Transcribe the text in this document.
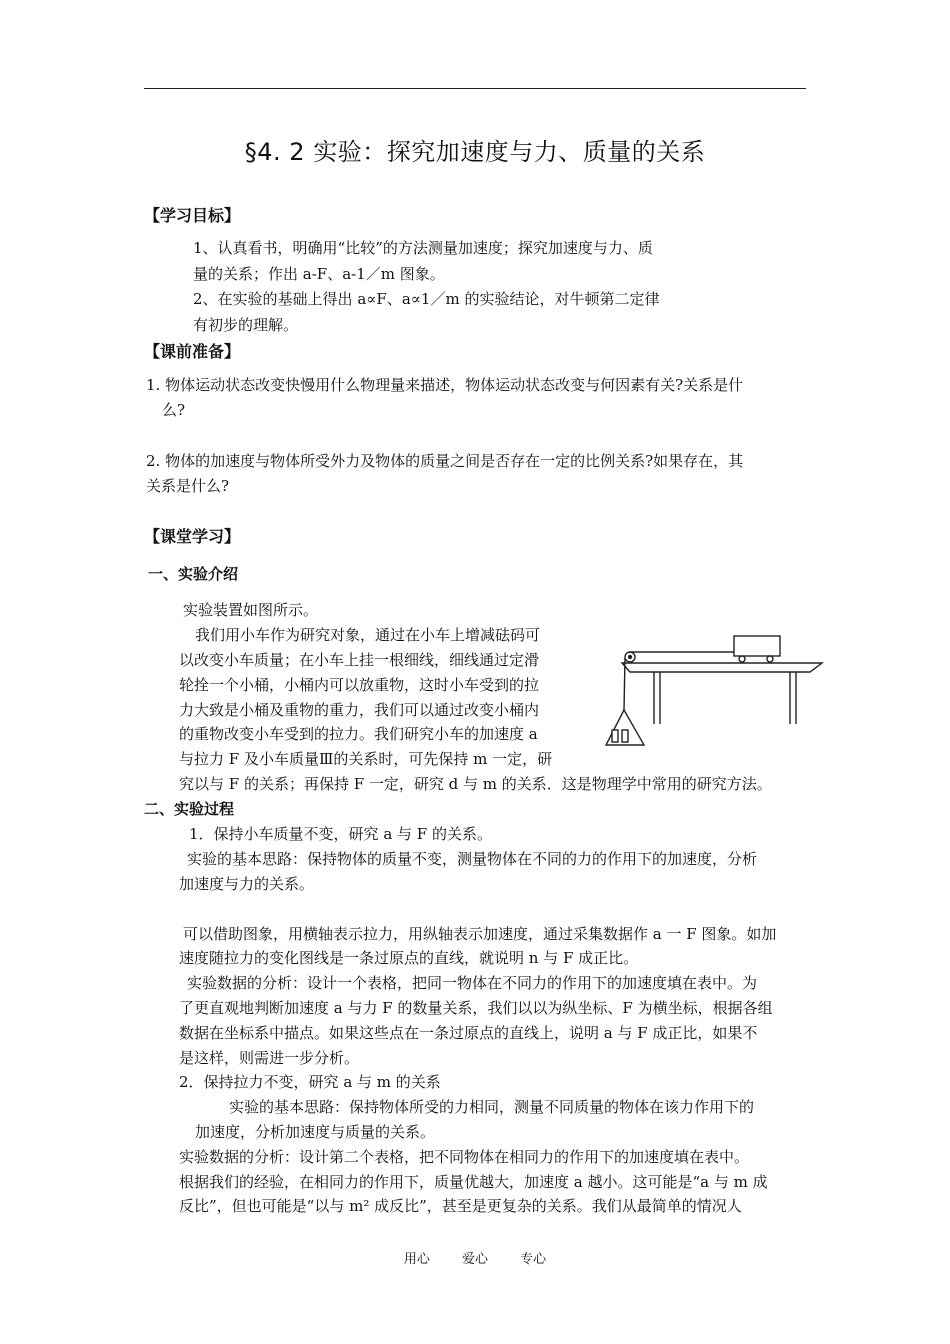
§4. 2 实验：探究加速度与力、质量的关系
【学习目标】
1、认真看书，明确用“比较”的方法测量加速度；探究加速度与力、质
量的关系；作出 a-F、a-1／m 图象。
2、在实验的基础上得出 a∝F、a∝1／m 的实验结论，对牛顿第二定律
有初步的理解。
【课前准备】
1. 物体运动状态改变快慢用什么物理量来描述，物体运动状态改变与何因素有关?关系是什
么?
2. 物体的加速度与物体所受外力及物体的质量之间是否存在一定的比例关系?如果存在，其
关系是什么?
【课堂学习】
一、实验介绍
实验装置如图所示。
我们用小车作为研究对象，通过在小车上增减砝码可
以改变小车质量；在小车上挂一根细线，细线通过定滑
轮拴一个小桶，小桶内可以放重物，这时小车受到的拉
力大致是小桶及重物的重力，我们可以通过改变小桶内
的重物改变小车受到的拉力。我们研究小车的加速度 a
与拉力 F 及小车质量Ⅲ的关系时，可先保持 m 一定，研
究以与 F 的关系；再保持 F 一定，研究 d 与 m 的关系．这是物理学中常用的研究方法。
二、实验过程
1．保持小车质量不变，研究 a 与 F 的关系。
实验的基本思路：保持物体的质量不变，测量物体在不同的力的作用下的加速度，分析
加速度与力的关系。
可以借助图象，用横轴表示拉力，用纵轴表示加速度，通过采集数据作 a 一 F 图象。如加
速度随拉力的变化图线是一条过原点的直线，就说明 n 与 F 成正比。
实验数据的分析：设计一个表格，把同一物体在不同力的作用下的加速度填在表中。为
了更直观地判断加速度 a 与力 F 的数量关系，我们以以为纵坐标、F 为横坐标，根据各组
数据在坐标系中描点。如果这些点在一条过原点的直线上，说明 a 与 F 成正比，如果不
是这样，则需进一步分析。
2．保持拉力不变，研究 a 与 m 的关系
实验的基本思路：保持物体所受的力相同，测量不同质量的物体在该力作用下的
加速度，分析加速度与质量的关系。
实验数据的分析：设计第二个表格，把不同物体在相同力的作用下的加速度填在表中。
根据我们的经验，在相同力的作用下，质量优越大，加速度 a 越小。这可能是“a 与 m 成
反比”，但也可能是“以与 m² 成反比”，甚至是更复杂的关系。我们从最简单的情况人
用心 爱心 专心
